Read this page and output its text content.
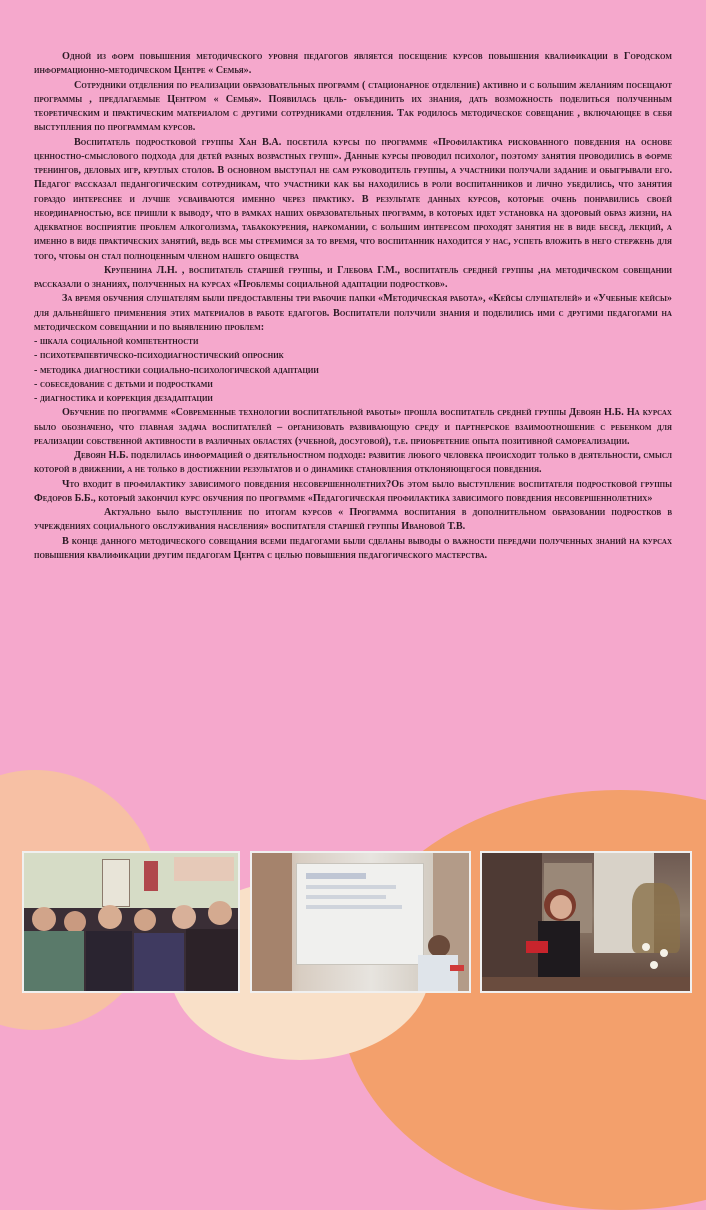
Одной из форм повышения методического уровня педагогов является посещение курсов повышения квалификации в Городском информационно-методическом Центре « Семья».

Сотрудники отделения по реализации образовательных программ ( стационарное отделение) активно и с большим желаниям посещают программы , предлагаемые Центром « Семья». Появилась цель- объединить их знания, дать возможность поделиться полученным теоретическим и практическим материалом с другими сотрудниками отделения. Так родилось методическое совещание , включающее в себя выступления по программам курсов.

Воспитатель подростковой группы Хан В.А. посетила курсы по программе «Профилактика рискованного поведения на основе ценностно-смыслового подхода для детей разных возрастных групп». Данные курсы проводил психолог, поэтому занятия проводились в форме тренингов, деловых игр, круглых столов. В основном выступал не сам руководитель группы, а участники получали задание и обыгрывали его. Педагог рассказал педангогическим сотрудникам, что участники как бы находились в роли воспитанников и лично убедились, что занятия гораздо интереснее и лучше усваиваются именно через практику. В результате данных курсов, которые очень понравились своей неординарностью, все пришли к выводу, что в рамках наших образовательных программ, в которых идет установка на здоровый образ жизни, на адекватное восприятие проблем алкоголизма, табакокурения, наркомании, с большим интересом проходят занятия не в виде бесед, лекций, а именно в виде практических занятий, ведь все мы стремимся за то время, что воспитанник находится у нас, успеть вложить в него стержень для того, чтобы он стал полноценным членом нашего общества

Крупенина Л.Н. , воспитатель старшей группы, и Глебова Г.М., воспитатель средней группы ,на методическом совещании рассказали о знаниях, полученных на курсах «Проблемы социальной адаптации подростков».

За время обучения слушателям были предоставлены три рабочие папки «Методическая работа», «Кейсы слушателей» и «Учебные кейсы» для дальнейшего применения этих материалов в работе едагогов. Воспитатели получили знания и поделились ими с другими педагогами на методическом совещании и по выявлению проблем:

- шкала социальной компетентности
- психотерапевтическо-психодиагностический опросник
- методика диагностики социально-психологической адаптации
- собеседование с детьми и подростками
- диагностика и коррекция дезадаптации

Обучение по программе «Современные технологии воспитательной работы» прошла воспитатель средней группы Девоян Н.Б. На курсах было обозначено, что главная задача воспитателей – организовать развивающую среду и партнерское взаимоотношение с ребенком для реализации собственной активности в различных областях (учебной, досуговой), т.е. приобретение опыта позитивной самореализации.

Девоян Н.Б. поделилась информацией о деятельностном подходе: развитие любого человека происходит только в деятельности, смысл которой в движении, а не только в достижении результатов и о динамике становления отклоняющегося поведения.

Что входит в профилактику зависимого поведения несовершеннолетних?Об этом было выступление воспитателя подростковой группы Федоров Б.Б., который закончил курс обучения по программе «Педагогическая профилактика зависимого поведения несовершеннолетних»

Актуально было выступление по итогам курсов « Программа воспитания в дополнительном образовании подростков в учреждениях социального обслуживания населения» воспитателя старшей группы Ивановой Т.В.

В конце данного методического совещания всеми педагогами были сделаны выводы о важности передачи полученных знаний на курсах повышения квалификации другим педагогам Центра с целью повышения педагогического мастерства.
